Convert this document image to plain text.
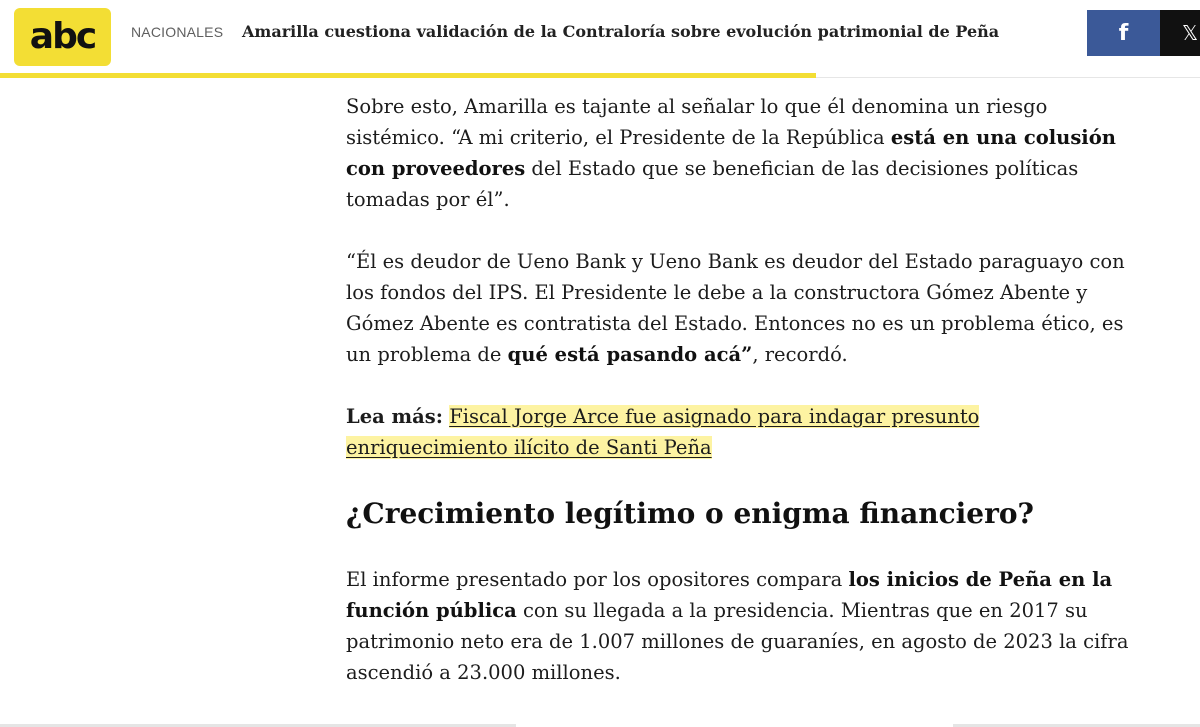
abc	NACIONALES Amarilla cuestiona validación de la Contraloría sobre evolución patrimonial de Peña	f	𝕏

Sobre esto, Amarilla es tajante al señalar lo que él denomina un riesgo sistémico. “A mi criterio, el Presidente de la República está en una colusión con proveedores del Estado que se benefician de las decisiones políticas tomadas por él”.

“Él es deudor de Ueno Bank y Ueno Bank es deudor del Estado paraguayo con los fondos del IPS. El Presidente le debe a la constructora Gómez Abente y Gómez Abente es contratista del Estado. Entonces no es un problema ético, es un problema de qué está pasando acá”, recordó.

Lea más: Fiscal Jorge Arce fue asignado para indagar presunto enriquecimiento ilícito de Santi Peña

¿Crecimiento legítimo o enigma financiero?

El informe presentado por los opositores compara los inicios de Peña en la función pública con su llegada a la presidencia. Mientras que en 2017 su patrimonio neto era de 1.007 millones de guaraníes, en agosto de 2023 la cifra ascendió a 23.000 millones.
